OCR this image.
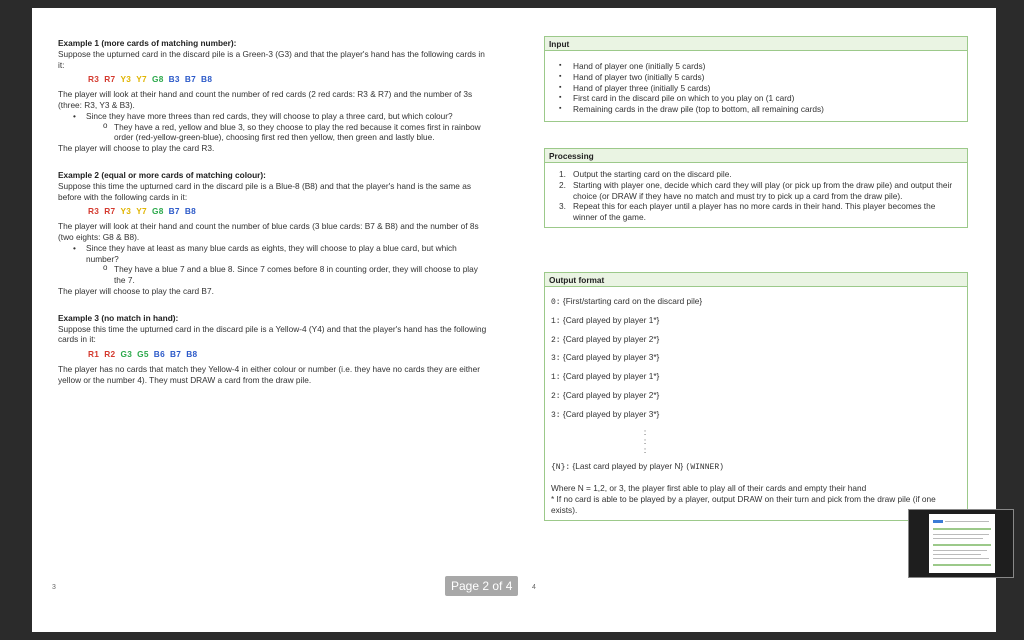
Example 1 (more cards of matching number):

Suppose the upturned card in the discard pile is a Green-3 (G3) and that the player's hand has the following cards in it:

R3 R7 Y3 Y7 G8 B3 B7 B8

The player will look at their hand and count the number of red cards (2 red cards: R3 & R7) and the number of 3s (three: R3, Y3 & B3).

• Since they have more threes than red cards, they will choose to play a three card, but which colour?

o They have a red, yellow and blue 3, so they choose to play the red because it comes first in rainbow order (red-yellow-green-blue), choosing first red then yellow, then green and lastly blue.

The player will choose to play the card R3.

Example 2 (equal or more cards of matching colour):

Suppose this time the upturned card in the discard pile is a Blue-8 (B8) and that the player's hand is the same as before with the following cards in it:

R3 R7 Y3 Y7 G8 B7 B8

The player will look at their hand and count the number of blue cards (3 blue cards: B7 & B8) and the number of 8s (two eights: G8 & B8).

• Since they have at least as many blue cards as eights, they will choose to play a blue card, but which number?

o They have a blue 7 and a blue 8. Since 7 comes before 8 in counting order, they will choose to play the 7.

The player will choose to play the card B7.

Example 3 (no match in hand):

Suppose this time the upturned card in the discard pile is a Yellow-4 (Y4) and that the player's hand has the following cards in it:

R1 R2 G3 G5 B6 B7 B8

The player has no cards that match they Yellow-4 in either colour or number (i.e. they have no cards they are either yellow or the number 4). They must DRAW a card from the draw pile.

Input
▪ Hand of player one (initially 5 cards)
▪ Hand of player two (initially 5 cards)
▪ Hand of player three (initially 5 cards)
▪ First card in the discard pile on which to you play on (1 card)
▪ Remaining cards in the draw pile (top to bottom, all remaining cards)
Processing
1. Output the starting card on the discard pile.
2. Starting with player one, decide which card they will play (or pick up from the draw pile) and output their choice (or DRAW if they have no match and must try to pick up a card from the draw pile).
3. Repeat this for each player until a player has no more cards in their hand. This player becomes the winner of the game.
Output format
0: {First/starting card on the discard pile}
1: {Card played by player 1*}
2: {Card played by player 2*}
3: {Card played by player 3*}
1: {Card played by player 1*}
2: {Card played by player 2*}
3: {Card played by player 3*}
:
:
:
{N}: {Last card played by player N} (WINNER)

Where N = 1,2, or 3, the player first able to play all of their cards and empty their hand

* If no card is able to be played by a player, output DRAW on their turn and pick from the draw pile (if one exists).

3	4
Page 2 of 4
